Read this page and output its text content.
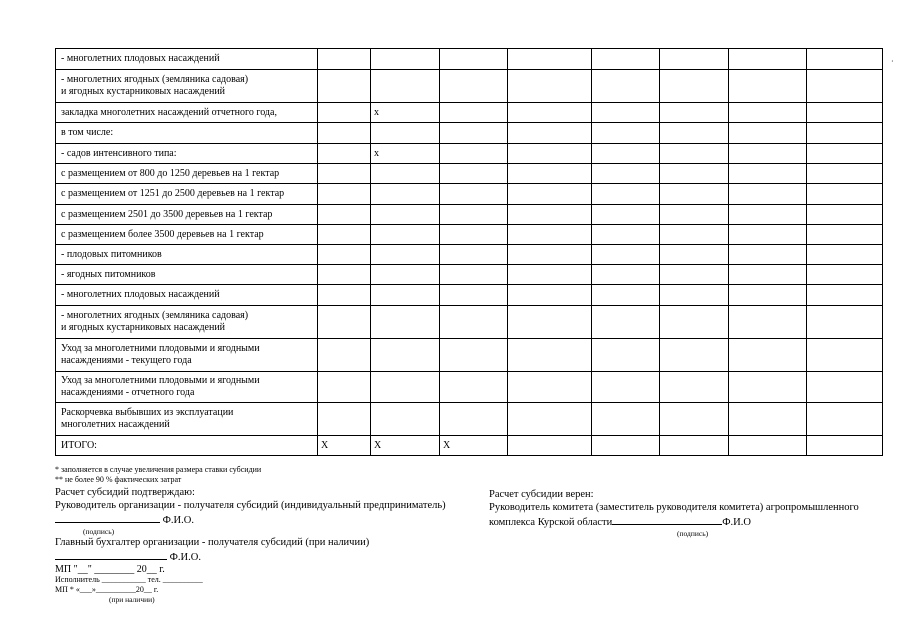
- многолетних плодовых насаждений								
- многолетних ягодных (земляника садовая)
и ягодных кустарниковых насаждений								
закладка многолетних насаждений отчетного года,		х						
в том числе:								
- садов интенсивного типа:		х						
с размещением от 800 до 1250 деревьев на 1 гектар								
с размещением от 1251 до 2500 деревьев на 1 гектар								
с размещением 2501 до 3500 деревьев на 1 гектар								
с размещением более 3500 деревьев на 1 гектар								
- плодовых питомников								
- ягодных питомников								
- многолетних плодовых насаждений								
- многолетних ягодных (земляника садовая)
и ягодных кустарниковых насаждений								
Уход за многолетними плодовыми и ягодными
насаждениями - текущего года								
Уход за многолетними плодовыми и ягодными
насаждениями - отчетного года								
Раскорчевка выбывших из эксплуатации
многолетних насаждений								
ИТОГО:	Х	Х	Х					
* заполняется в случае увеличения размера ставки субсидии
** не более 90 % фактических затрат
Расчет субсидий подтверждаю:
Руководитель организации - получателя субсидий (индивидуальный предприниматель)
Ф.И.О.
(подпись)
Главный бухгалтер организации - получателя субсидий (при наличии)
Ф.И.О.
МП "__" ________ 20__ г.
Исполнитель ___________ тел. __________
МП * «___»__________20__ г.
(при наличии)
Расчет субсидии верен:
Руководитель комитета (заместитель руководителя комитета) агропромышленного
комплекса Курской области	Ф.И.О
(подпись)
·
